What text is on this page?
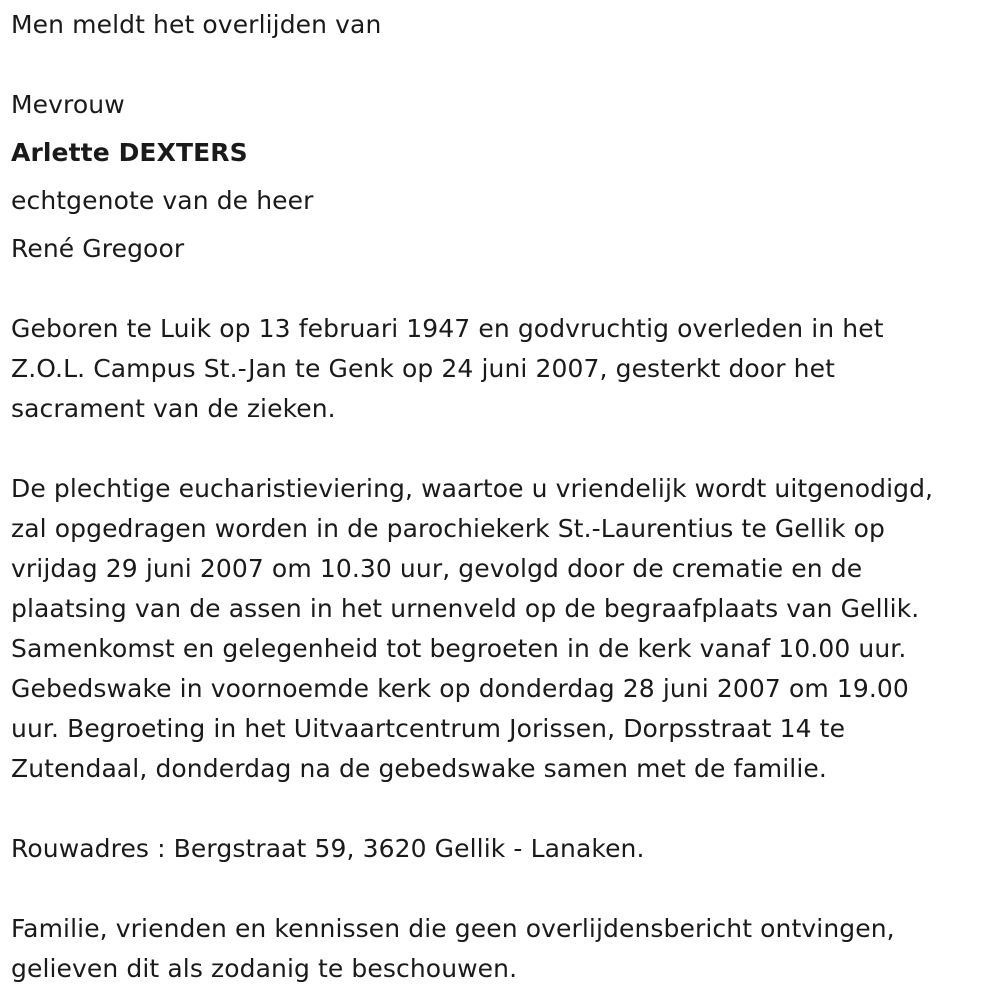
Men meldt het overlijden van
Mevrouw
Arlette DEXTERS
echtgenote van de heer
René Gregoor
Geboren te Luik op 13 februari 1947 en godvruchtig overleden in het
Z.O.L. Campus St.-Jan te Genk op 24 juni 2007, gesterkt door het
sacrament van de zieken.
De plechtige eucharistieviering, waartoe u vriendelijk wordt uitgenodigd,
zal opgedragen worden in de parochiekerk St.-Laurentius te Gellik op
vrijdag 29 juni 2007 om 10.30 uur, gevolgd door de crematie en de
plaatsing van de assen in het urnenveld op de begraafplaats van Gellik.
Samenkomst en gelegenheid tot begroeten in de kerk vanaf 10.00 uur.
Gebedswake in voornoemde kerk op donderdag 28 juni 2007 om 19.00
uur. Begroeting in het Uitvaartcentrum Jorissen, Dorpsstraat 14 te
Zutendaal, donderdag na de gebedswake samen met de familie.
Rouwadres : Bergstraat 59, 3620 Gellik - Lanaken.
Familie, vrienden en kennissen die geen overlijdensbericht ontvingen,
gelieven dit als zodanig te beschouwen.
